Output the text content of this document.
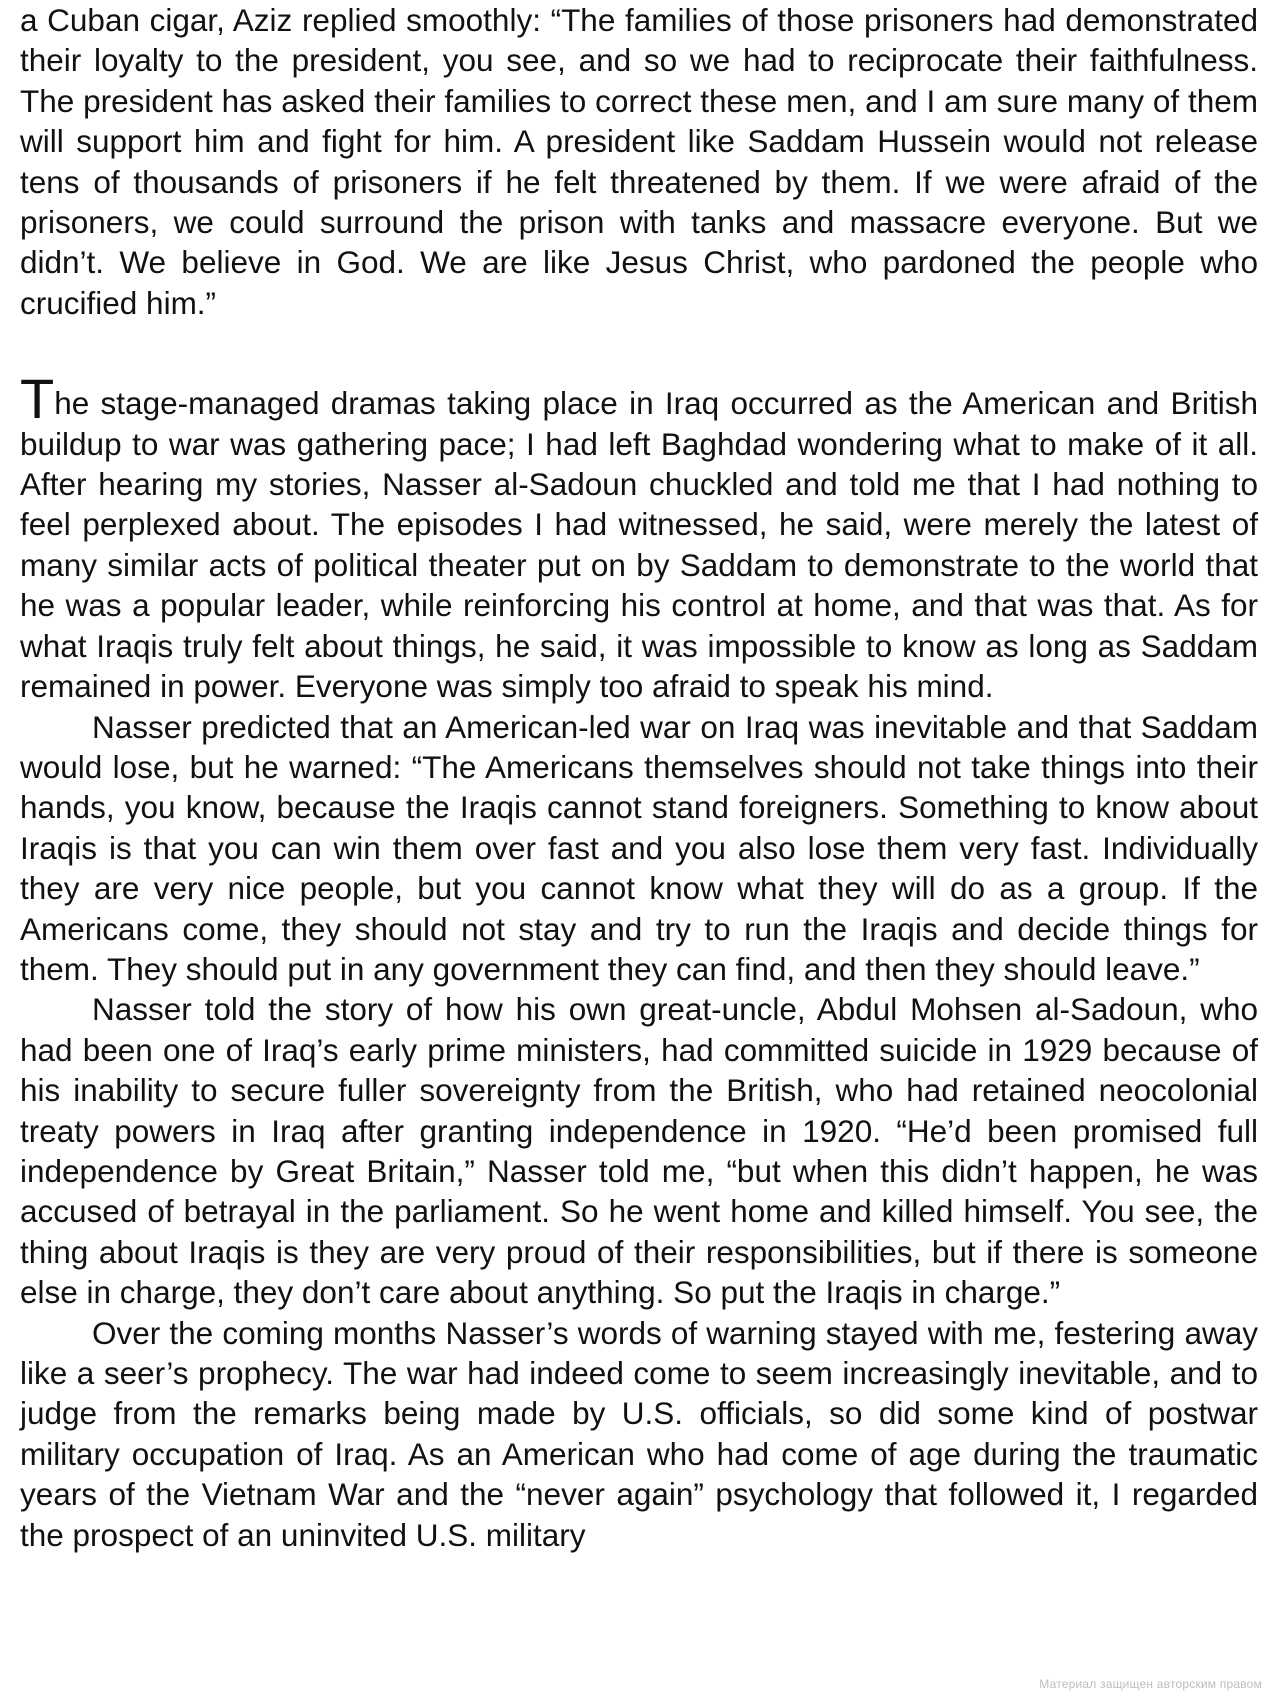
a Cuban cigar, Aziz replied smoothly: “The families of those prisoners had demonstrated their loyalty to the president, you see, and so we had to reciprocate their faithfulness. The president has asked their families to correct these men, and I am sure many of them will support him and fight for him. A president like Saddam Hussein would not release tens of thousands of prisoners if he felt threatened by them. If we were afraid of the prisoners, we could surround the prison with tanks and massacre everyone. But we didn’t. We believe in God. We are like Jesus Christ, who pardoned the people who crucified him.”

The stage-managed dramas taking place in Iraq occurred as the American and British buildup to war was gathering pace; I had left Baghdad wondering what to make of it all. After hearing my stories, Nasser al-Sadoun chuckled and told me that I had nothing to feel perplexed about. The episodes I had witnessed, he said, were merely the latest of many similar acts of political theater put on by Saddam to demonstrate to the world that he was a popular leader, while reinforcing his control at home, and that was that. As for what Iraqis truly felt about things, he said, it was impossible to know as long as Saddam remained in power. Everyone was simply too afraid to speak his mind.

Nasser predicted that an American-led war on Iraq was inevitable and that Saddam would lose, but he warned: “The Americans themselves should not take things into their hands, you know, because the Iraqis cannot stand foreigners. Something to know about Iraqis is that you can win them over fast and you also lose them very fast. Individually they are very nice people, but you cannot know what they will do as a group. If the Americans come, they should not stay and try to run the Iraqis and decide things for them. They should put in any government they can find, and then they should leave.”

Nasser told the story of how his own great-uncle, Abdul Mohsen al-Sadoun, who had been one of Iraq’s early prime ministers, had committed suicide in 1929 because of his inability to secure fuller sovereignty from the British, who had retained neocolonial treaty powers in Iraq after granting independence in 1920. “He’d been promised full independence by Great Britain,” Nasser told me, “but when this didn’t happen, he was accused of betrayal in the parliament. So he went home and killed himself. You see, the thing about Iraqis is they are very proud of their responsibilities, but if there is someone else in charge, they don’t care about anything. So put the Iraqis in charge.”

Over the coming months Nasser’s words of warning stayed with me, festering away like a seer’s prophecy. The war had indeed come to seem increasingly inevitable, and to judge from the remarks being made by U.S. officials, so did some kind of postwar military occupation of Iraq. As an American who had come of age during the traumatic years of the Vietnam War and the “never again” psychology that followed it, I regarded the prospect of an uninvited U.S. military

Материал защищен авторским правом
